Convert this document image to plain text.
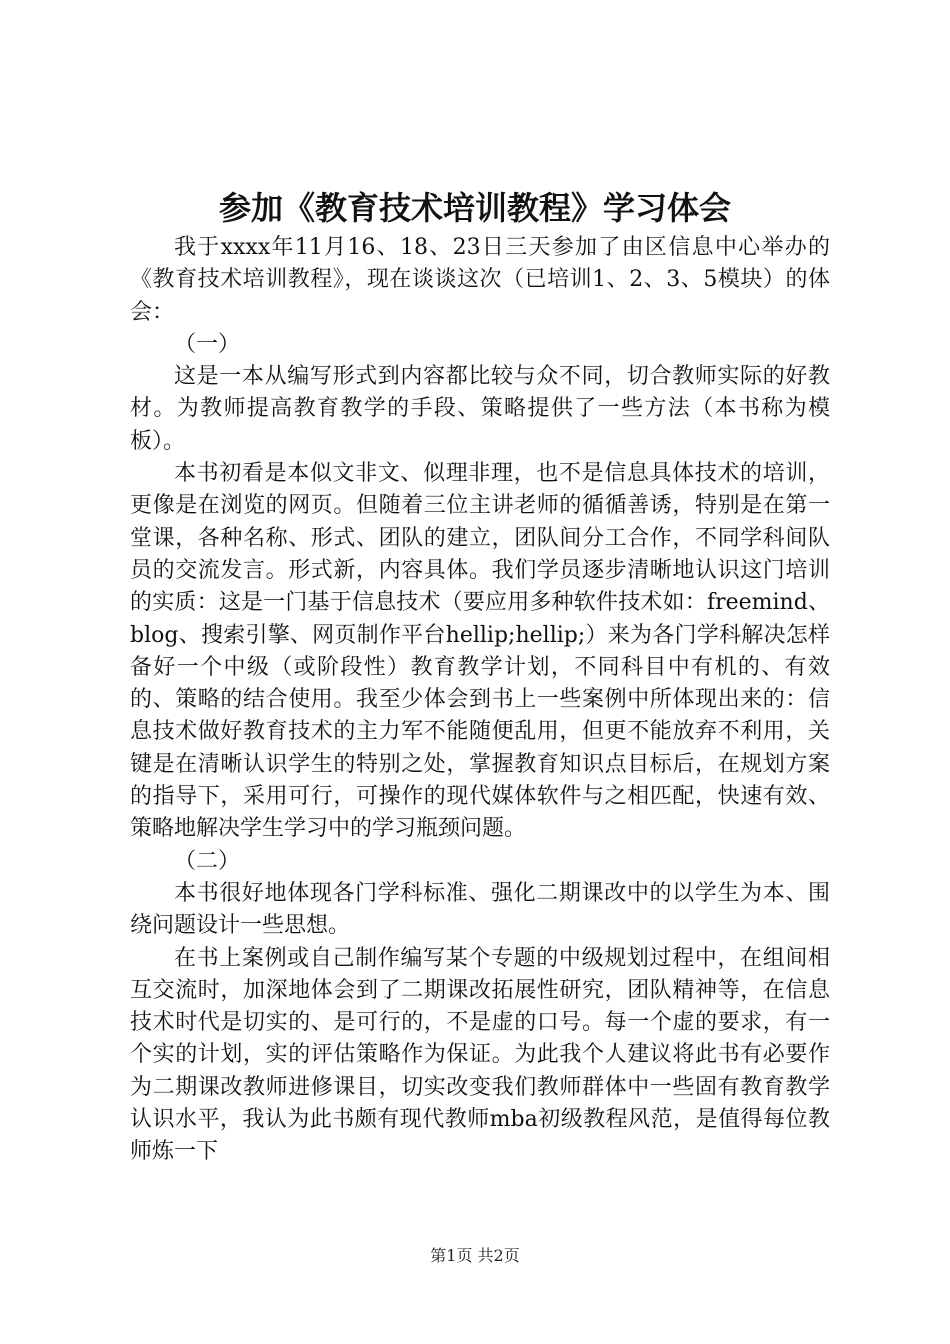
参加《教育技术培训教程》学习体会

我于xxxx年11月16、18、23日三天参加了由区信息中心举办的《教育技术培训教程》，现在谈谈这次（已培训1、2、3、5模块）的体会：

（一）

这是一本从编写形式到内容都比较与众不同，切合教师实际的好教材。为教师提高教育教学的手段、策略提供了一些方法（本书称为模板）。

本书初看是本似文非文、似理非理，也不是信息具体技术的培训，更像是在浏览的网页。但随着三位主讲老师的循循善诱，特别是在第一堂课，各种名称、形式、团队的建立，团队间分工合作，不同学科间队员的交流发言。形式新，内容具体。我们学员逐步清晰地认识这门培训的实质：这是一门基于信息技术（要应用多种软件技术如：freemind、blog、搜索引擎、网页制作平台hellip;hellip;）来为各门学科解决怎样备好一个中级（或阶段性）教育教学计划，不同科目中有机的、有效的、策略的结合使用。我至少体会到书上一些案例中所体现出来的：信息技术做好教育技术的主力军不能随便乱用，但更不能放弃不利用，关键是在清晰认识学生的特别之处，掌握教育知识点目标后，在规划方案的指导下，采用可行，可操作的现代媒体软件与之相匹配，快速有效、策略地解决学生学习中的学习瓶颈问题。

（二）

本书很好地体现各门学科标准、强化二期课改中的以学生为本、围绕问题设计一些思想。

在书上案例或自己制作编写某个专题的中级规划过程中，在组间相互交流时，加深地体会到了二期课改拓展性研究，团队精神等，在信息技术时代是切实的、是可行的，不是虚的口号。每一个虚的要求，有一个实的计划，实的评估策略作为保证。为此我个人建议将此书有必要作为二期课改教师进修课目，切实改变我们教师群体中一些固有教育教学认识水平，我认为此书颇有现代教师mba初级教程风范，是值得每位教师炼一下

第1页 共2页
